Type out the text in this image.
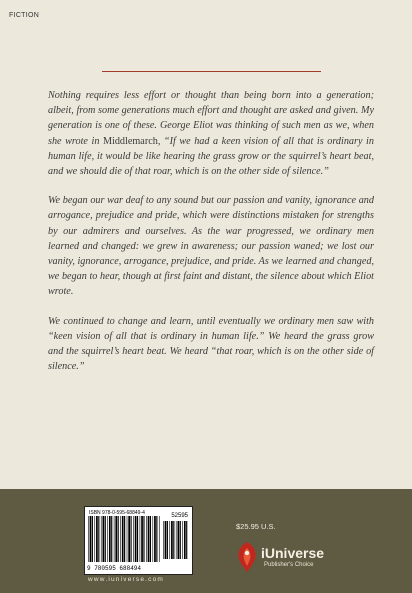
FICTION

Nothing requires less effort or thought than being born into a generation; albeit, from some generations much effort and thought are asked and given. My generation is one of these. George Eliot was thinking of such men as we, when she wrote in Middlemarch, “If we had a keen vision of all that is ordinary in human life, it would be like hearing the grass grow or the squirrel’s heart beat, and we should die of that roar, which is on the other side of silence.”

We began our war deaf to any sound but our passion and vanity, ignorance and arrogance, prejudice and pride, which were distinctions mistaken for strengths by our admirers and ourselves. As the war progressed, we ordinary men learned and changed: we grew in awareness; our passion waned; we lost our vanity, ignorance, arrogance, prejudice, and pride. As we learned and changed, we began to hear, though at first faint and distant, the silence about which Eliot wrote.

We continued to change and learn, until eventually we ordinary men saw with “keen vision of all that is ordinary in human life.” We heard the grass grow and the squirrel’s heart beat. We heard “that roar, which is on the other side of silence.”

ISBN 978-0-595-68849-4	52595
9 780595 688494
www.iuniverse.com
$25.95 U.S.
iUniverse
Publisher's Choice
